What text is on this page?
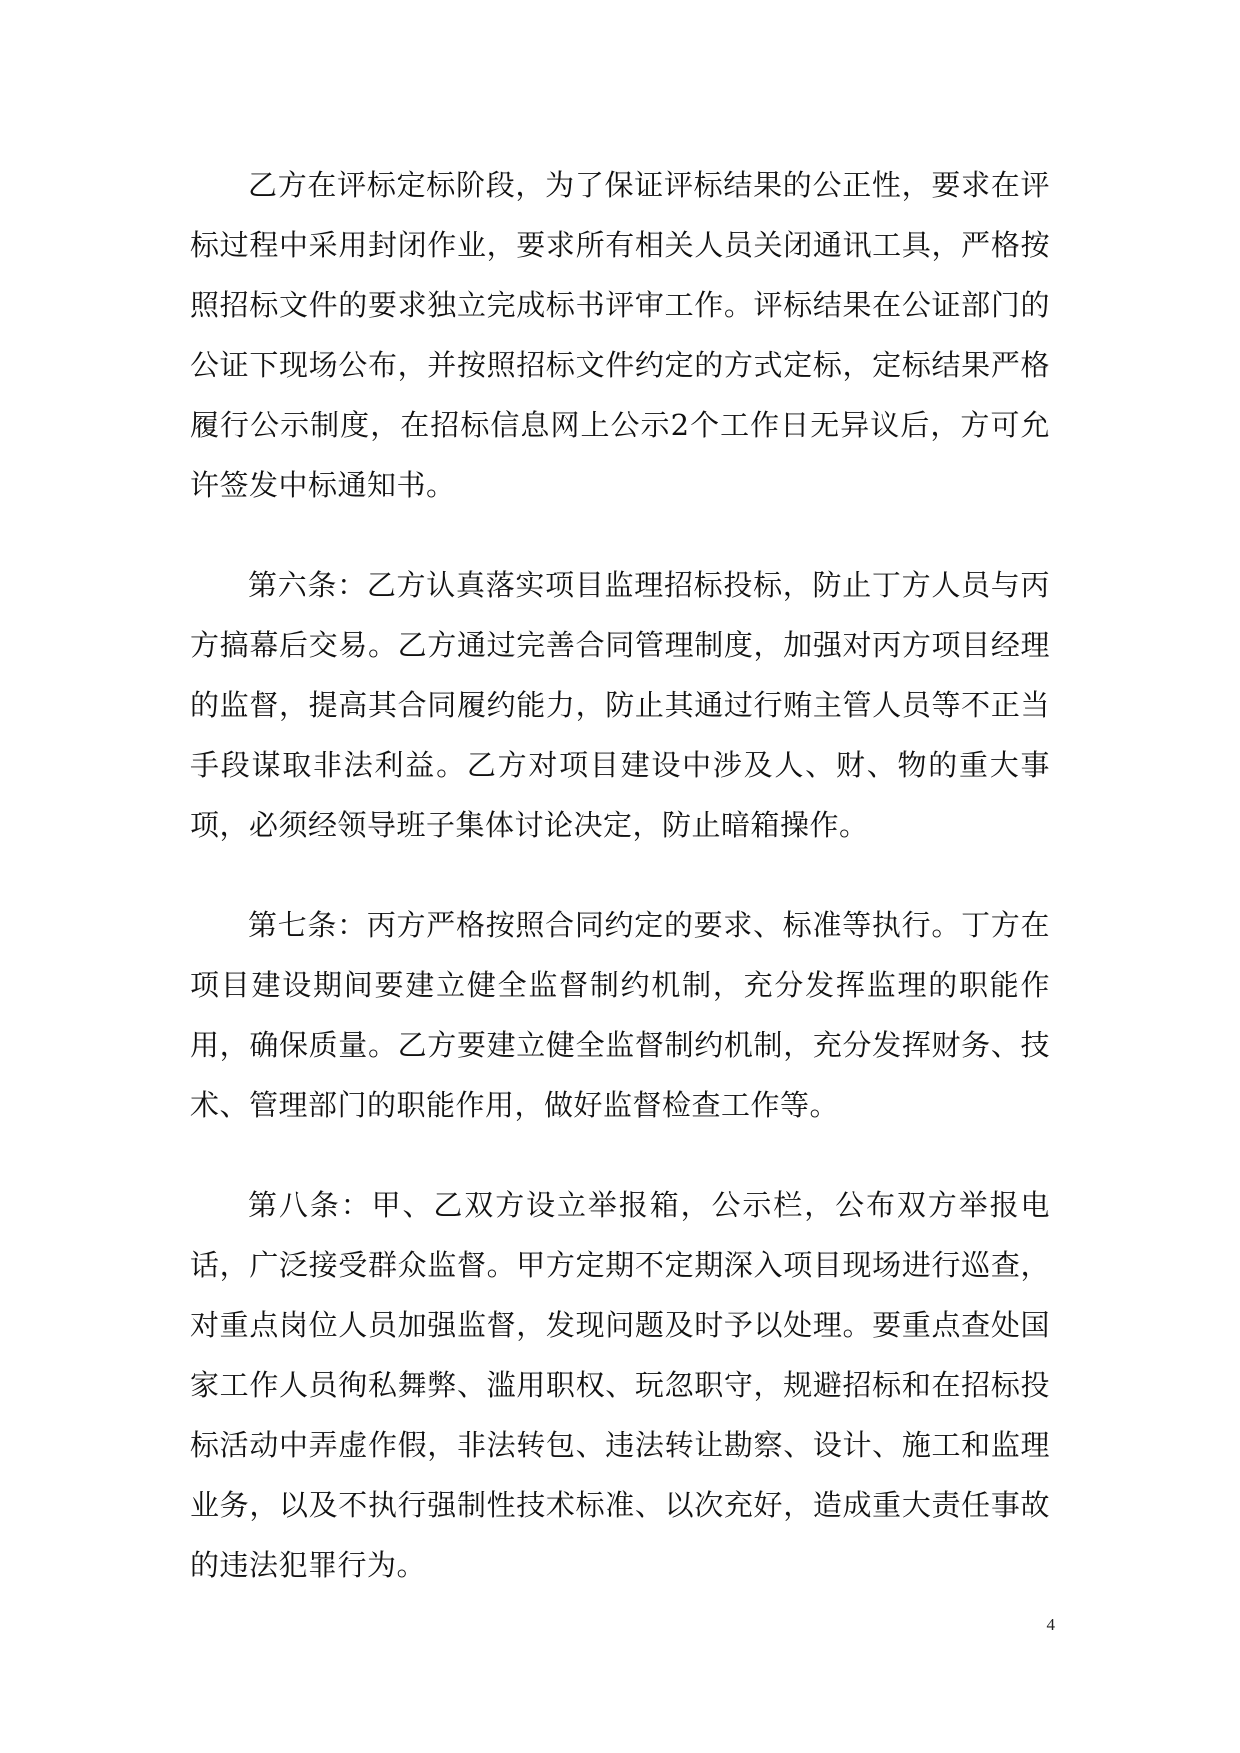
乙方在评标定标阶段，为了保证评标结果的公正性，要求在评标过程中采用封闭作业，要求所有相关人员关闭通讯工具，严格按照招标文件的要求独立完成标书评审工作。评标结果在公证部门的公证下现场公布，并按照招标文件约定的方式定标，定标结果严格履行公示制度，在招标信息网上公示2个工作日无异议后，方可允许签发中标通知书。

第六条：乙方认真落实项目监理招标投标，防止丁方人员与丙方搞幕后交易。乙方通过完善合同管理制度，加强对丙方项目经理的监督，提高其合同履约能力，防止其通过行贿主管人员等不正当手段谋取非法利益。乙方对项目建设中涉及人、财、物的重大事项，必须经领导班子集体讨论决定，防止暗箱操作。

第七条：丙方严格按照合同约定的要求、标准等执行。丁方在项目建设期间要建立健全监督制约机制，充分发挥监理的职能作用，确保质量。乙方要建立健全监督制约机制，充分发挥财务、技术、管理部门的职能作用，做好监督检查工作等。

第八条：甲、乙双方设立举报箱，公示栏，公布双方举报电话，广泛接受群众监督。甲方定期不定期深入项目现场进行巡查，对重点岗位人员加强监督，发现问题及时予以处理。要重点查处国家工作人员徇私舞弊、滥用职权、玩忽职守，规避招标和在招标投标活动中弄虚作假，非法转包、违法转让勘察、设计、施工和监理业务，以及不执行强制性技术标准、以次充好，造成重大责任事故的违法犯罪行为。

4
